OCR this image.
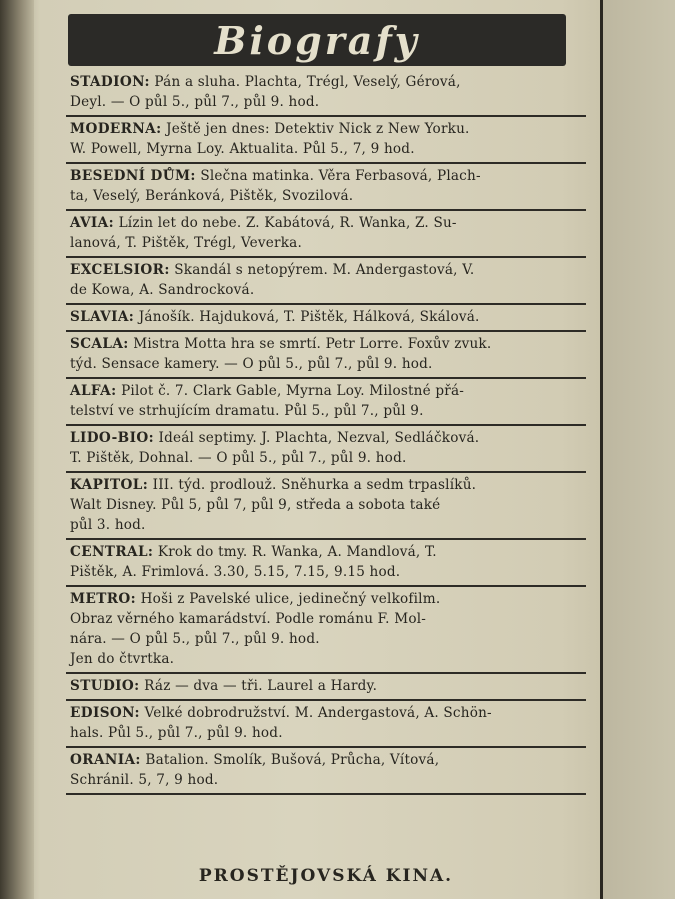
Biografy
STADION: Pán a sluha. Plachta, Trégl, Veselý, Gérová,
Deyl. — O půl 5., půl 7., půl 9. hod.
MODERNA: Ještě jen dnes: Detektiv Nick z New Yorku.
W. Powell, Myrna Loy. Aktualita. Půl 5., 7, 9 hod.
BESEDNÍ DŮM: Slečna matinka. Věra Ferbasová, Plach-
ta, Veselý, Beránková, Pištěk, Svozilová.
AVIA: Lízin let do nebe. Z. Kabátová, R. Wanka, Z. Su-
lanová, T. Pištěk, Trégl, Veverka.
EXCELSIOR: Skandál s netopýrem. M. Andergastová, V.
de Kowa, A. Sandrocková.
SLAVIA: Jánošík. Hajduková, T. Pištěk, Hálková, Skálová.
SCALA: Mistra Motta hra se smrtí. Petr Lorre. Foxův zvuk.
týd. Sensace kamery. — O půl 5., půl 7., půl 9. hod.
ALFA: Pilot č. 7. Clark Gable, Myrna Loy. Milostné přá-
telství ve strhujícím dramatu. Půl 5., půl 7., půl 9.
LIDO-BIO: Ideál septimy. J. Plachta, Nezval, Sedláčková.
T. Pištěk, Dohnal. — O půl 5., půl 7., půl 9. hod.
KAPITOL: III. týd. prodlouž. Sněhurka a sedm trpaslíků.
Walt Disney. Půl 5, půl 7, půl 9, středa a sobota také
půl 3. hod.
CENTRAL: Krok do tmy. R. Wanka, A. Mandlová, T.
Pištěk, A. Frimlová. 3.30, 5.15, 7.15, 9.15 hod.
METRO: Hoši z Pavelské ulice, jedinečný velkofilm.
Obraz věrného kamarádství. Podle románu F. Mol-
nára. — O půl 5., půl 7., půl 9. hod.
Jen do čtvrtka.
STUDIO: Ráz — dva — tři. Laurel a Hardy.
EDISON: Velké dobrodružství. M. Andergastová, A. Schön-
hals. Půl 5., půl 7., půl 9. hod.
ORANIA: Batalion. Smolík, Bušová, Průcha, Vítová,
Schránil. 5, 7, 9 hod.
PROSTĚJOVSKÁ KINA.
